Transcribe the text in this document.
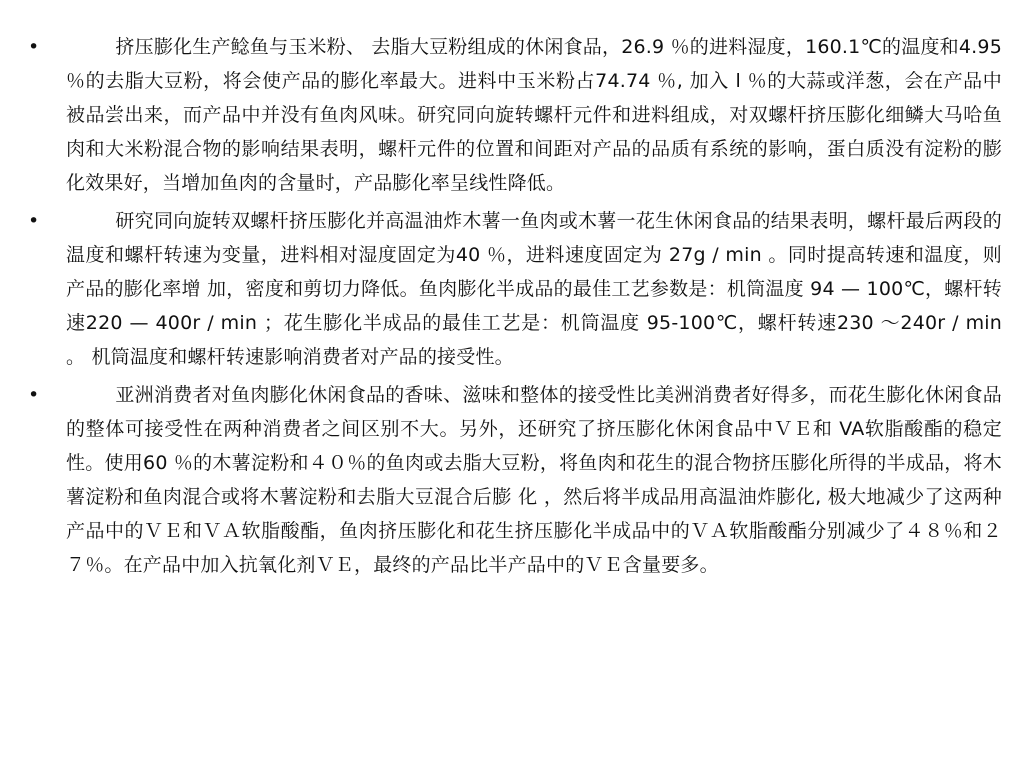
•	挤压膨化生产鲶鱼与玉米粉、 去脂大豆粉组成的休闲食品，26.9 ％的进料湿度，160.1℃的温度和4.95 ％的去脂大豆粉，将会使产品的膨化率最大。进料中玉米粉占74.74 ％, 加入 l ％的大蒜或洋葱，会在产品中被品尝出来，而产品中并没有鱼肉风味。研究同向旋转螺杆元件和进料组成，对双螺杆挤压膨化细鳞大马哈鱼肉和大米粉混合物的影响结果表明，螺杆元件的位置和间距对产品的品质有系统的影响，蛋白质没有淀粉的膨化效果好，当增加鱼肉的含量时，产品膨化率呈线性降低。
•	研究同向旋转双螺杆挤压膨化并高温油炸木薯一鱼肉或木薯一花生休闲食品的结果表明，螺杆最后两段的温度和螺杆转速为变量，进料相对湿度固定为40 ％，进料速度固定为 27g / min 。同时提高转速和温度，则产品的膨化率增 加，密度和剪切力降低。鱼肉膨化半成品的最佳工艺参数是：机筒温度 94 — 100℃，螺杆转速220 — 400r / min ；花生膨化半成品的最佳工艺是：机筒温度 95-100℃，螺杆转速230 ～240r / min 。 机筒温度和螺杆转速影响消费者对产品的接受性。
•	亚洲消费者对鱼肉膨化休闲食品的香味、滋味和整体的接受性比美洲消费者好得多，而花生膨化休闲食品的整体可接受性在两种消费者之间区别不大。另外，还研究了挤压膨化休闲食品中ＶＥ和 VA软脂酸酯的稳定性。使用60 ％的木薯淀粉和４０％的鱼肉或去脂大豆粉，将鱼肉和花生的混合物挤压膨化所得的半成品，将木薯淀粉和鱼肉混合或将木薯淀粉和去脂大豆混合后膨 化 ，然后将半成品用高温油炸膨化, 极大地减少了这两种产品中的ＶＥ和ＶＡ软脂酸酯，鱼肉挤压膨化和花生挤压膨化半成品中的ＶＡ软脂酸酯分别减少了４８％和２７％。在产品中加入抗氧化剂ＶＥ，最终的产品比半产品中的ＶＥ含量要多。
